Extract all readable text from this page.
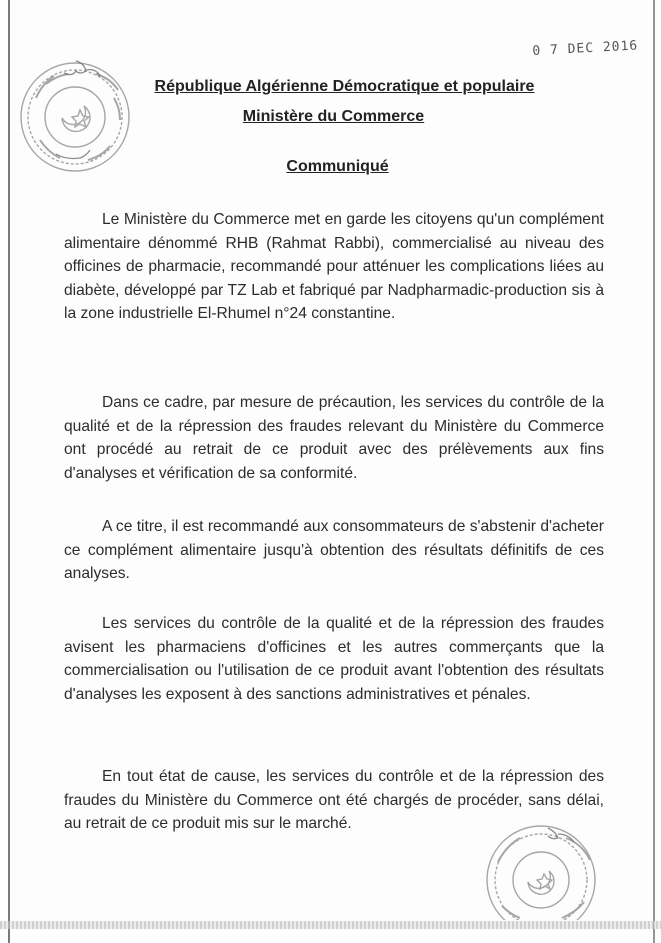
0 7 DEC 2016
République Algérienne Démocratique et populaire
Ministère du Commerce
Communiqué

Le Ministère du Commerce met en garde les citoyens qu'un complément alimentaire dénommé RHB (Rahmat Rabbi), commercialisé au niveau des officines de pharmacie, recommandé pour atténuer les complications liées au diabète, développé par TZ Lab et fabriqué par Nadpharmadic-production sis à la zone industrielle El-Rhumel n°24 constantine.

Dans ce cadre, par mesure de précaution, les services du contrôle de la qualité et de la répression des fraudes relevant du Ministère du Commerce ont procédé au retrait de ce produit avec des prélèvements aux fins d'analyses et vérification de sa conformité.

A ce titre, il est recommandé aux consommateurs de s'abstenir d'acheter ce complément alimentaire jusqu'à obtention des résultats définitifs de ces analyses.

Les services du contrôle de la qualité et de la répression des fraudes avisent les pharmaciens d'officines et les autres commerçants que la commercialisation ou l'utilisation de ce produit avant l'obtention des résultats d'analyses les exposent à des sanctions administratives et pénales.

En tout état de cause, les services du contrôle et de la répression des fraudes du Ministère du Commerce ont été chargés de procéder, sans délai, au retrait de ce produit mis sur le marché.
